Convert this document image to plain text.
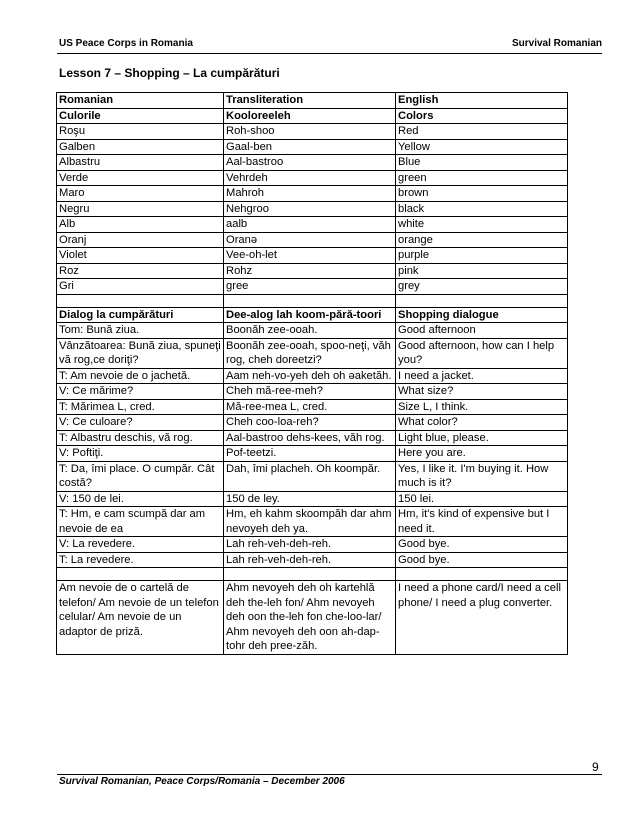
US Peace Corps in Romania	Survival Romanian
Lesson 7 – Shopping – La cumpărături
Romanian	Transliteration	English
Culorile	Kooloreeleh	Colors
Roşu	Roh-shoo	Red
Galben	Gaal-ben	Yellow
Albastru	Aal-bastroo	Blue
Verde	Vehrdeh	green
Maro	Mahroh	brown
Negru	Nehgroo	black
Alb	aalb	white
Oranj	Oranə	orange
Violet	Vee-oh-let	purple
Roz	Rohz	pink
Gri	gree	grey

Dialog la cumpărături	Dee-alog lah koom-pără-toori	Shopping dialogue
Tom: Bună ziua.	Boonăh zee-ooah.	Good afternoon
Vânzătoarea: Bună ziua, spuneţi vă rog,ce doriţi?	Boonăh zee-ooah, spoo-neţi, văh rog, cheh doreetzi?	Good afternoon, how can I help you?
T: Am nevoie de o jachetă.	Aam neh-vo-yeh deh oh əaketăh.	I need a jacket.
V: Ce mărime?	Cheh mă-ree-meh?	What size?
T: Mărimea L, cred.	Mă-ree-mea L, cred.	Size L, I think.
V: Ce culoare?	Cheh coo-loa-reh?	What color?
T: Albastru deschis, vă rog.	Aal-bastroo dehs-kees, văh rog.	Light blue, please.
V: Poftiţi.	Pof-teetzi.	Here you are.
T: Da, îmi place. O cumpăr. Cât costă?	Dah, îmi placheh. Oh koompăr.	Yes, I like it. I'm buying it. How much is it?
V: 150 de lei.	150 de ley.	150 lei.
T: Hm, e cam scumpă dar am nevoie de ea	Hm, eh kahm skoompăh dar ahm nevoyeh deh ya.	Hm, it's kind of expensive but I need it.
V: La revedere.	Lah reh-veh-deh-reh.	Good bye.
T: La revedere.	Lah reh-veh-deh-reh.	Good bye.

Am nevoie de o cartelă de telefon/ Am nevoie de un telefon celular/ Am nevoie de un adaptor de priză.	Ahm nevoyeh deh oh kartehlă deh the-leh fon/ Ahm nevoyeh deh oon the-leh fon che-loo-lar/ Ahm nevoyeh deh oon ah-dap-tohr deh pree-zăh.	I need a phone card/I need a cell phone/ I need a plug converter.
9
Survival Romanian, Peace Corps/Romania – December 2006
